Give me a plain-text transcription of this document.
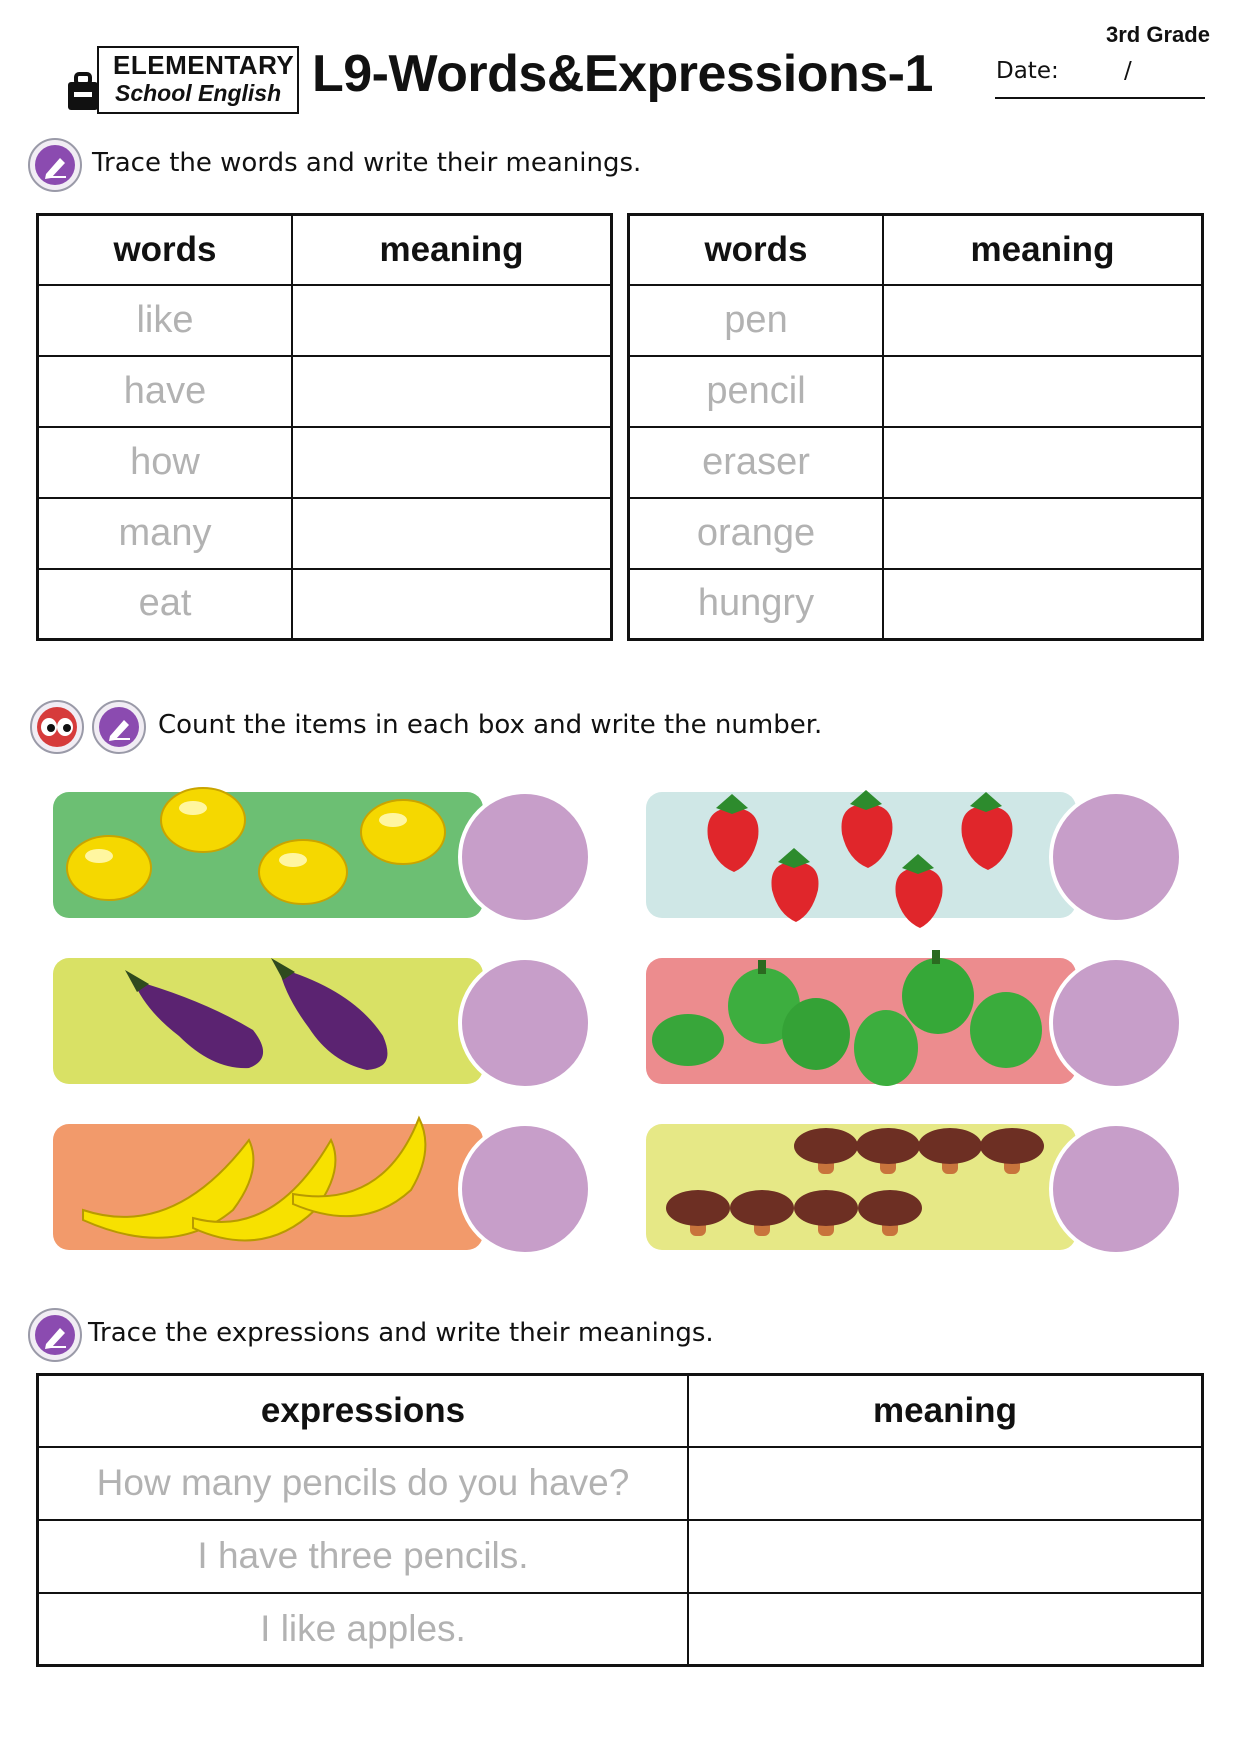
ELEMENTARY
School English L9-Words&Expressions-1
3rd Grade
Date:	/
Trace the words and write their meanings.
words	meaning
like	
have	
how	
many	
eat	
words	meaning
pen	
pencil	
eraser	
orange	
hungry	
Count the items in each box and write the number.
Trace the expressions and write their meanings.
expressions	meaning
How many pencils do you have?	
I have three pencils.	
I like apples.	
